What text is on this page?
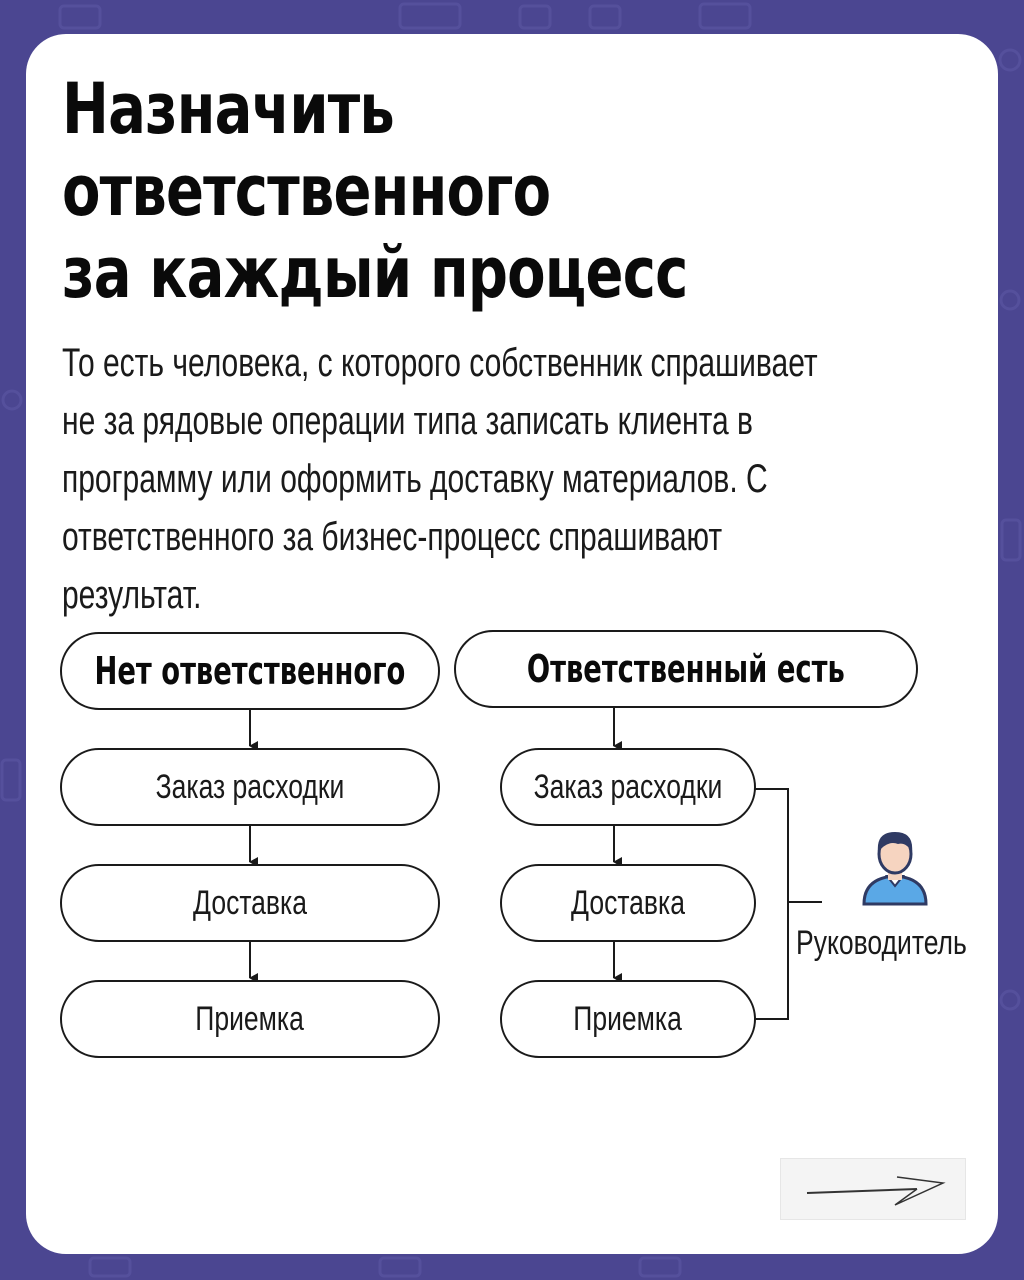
Назначить
ответственного
за каждый процесс

То есть человека, с которого собственник спрашивает
не за рядовые операции типа записать клиента в
программу или оформить доставку материалов. С
ответственного за бизнес-процесс спрашивают
результат.

Нет ответственного
Заказ расходки
Доставка
Приемка
Ответственный есть
Заказ расходки
Доставка
Приемка
Руководитель
